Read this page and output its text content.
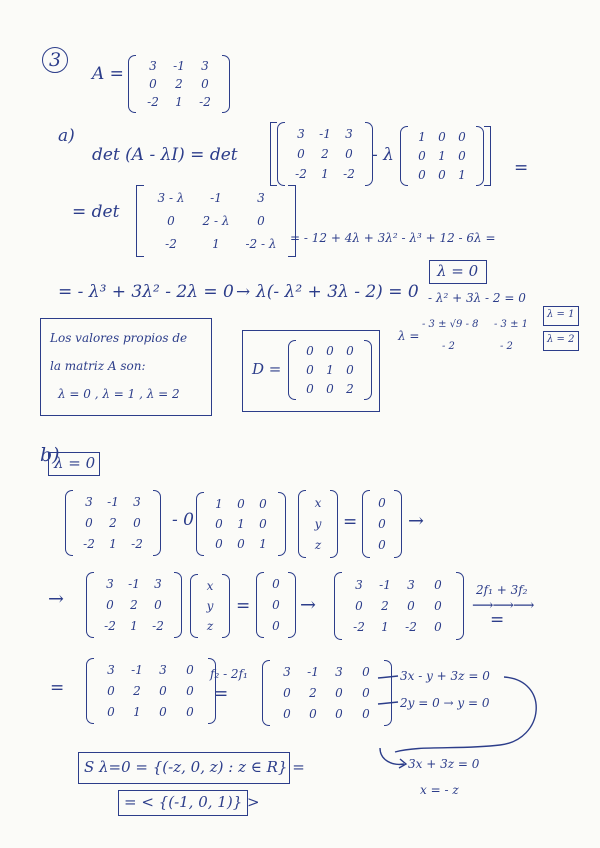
3
A =	3	-1	3
0	2	0
-2	1	-2
a)
det (A - λI) = det
3	-1	3
0	2	0
-2	1	-2
- λ
1	0	0
0	1	0
0	0	1	=
= det
3 - λ	-1	3
0	2 - λ	0
-2	1	-2 - λ	= - 12 + 4λ + 3λ² - λ³ + 12 - 6λ =
= - λ³ + 3λ² - 2λ = 0 → λ(- λ² + 3λ - 2) = 0
λ = 0
- λ² + 3λ - 2 = 0
λ =
- 3 ± √9 - 8
- 2
- 3 ± 1
- 2
λ = 1
λ = 2
Los valores propios de
la matriz A son:
λ = 0 , λ = 1 , λ = 2
D =
0	0	0
0	1	0
0	0	2
b)
λ = 0
3	-1	3
0	2	0
-2	1	-2
- 0
1	0	0
0	1	0
0	0	1
x
y
z
=
0
0
0
→
→
3	-1	3
0	2	0
-2	1	-2
x
y
z
=
0
0
0
→
3	-1	3	0
0	2	0	0
-2	1	-2	0
2f₁ + 3f₂
⟶⟶⟶
=
=
3	-1	3	0
0	2	0	0
0	1	0	0
f₂ - 2f₁
=
3	-1	3	0
0	2	0	0
0	0	0	0
3x - y + 3z = 0
2y = 0 → y = 0
3x + 3z = 0
x = - z
S λ=0 = {(-z, 0, z) : z ∈ R} =
= < {(-1, 0, 1)} >
